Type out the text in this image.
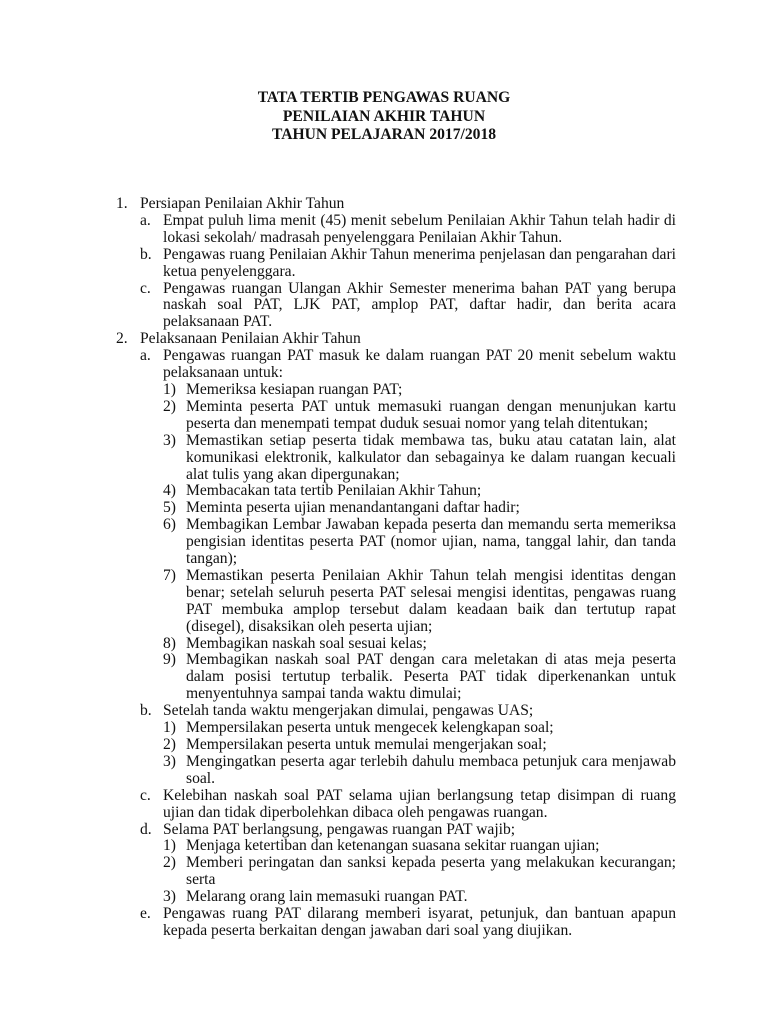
TATA TERTIB PENGAWAS RUANG
PENILAIAN AKHIR TAHUN
TAHUN PELAJARAN 2017/2018
1. Persiapan Penilaian Akhir Tahun
a. Empat puluh lima menit (45) menit sebelum Penilaian Akhir Tahun telah hadir di lokasi sekolah/ madrasah penyelenggara Penilaian Akhir Tahun.
b. Pengawas ruang Penilaian Akhir Tahun menerima penjelasan dan pengarahan dari ketua penyelenggara.
c. Pengawas ruangan Ulangan Akhir Semester menerima bahan PAT yang berupa naskah soal PAT, LJK PAT, amplop PAT, daftar hadir, dan berita acara pelaksanaan PAT.
2. Pelaksanaan Penilaian Akhir Tahun
a. Pengawas ruangan PAT masuk ke dalam ruangan PAT 20 menit sebelum waktu pelaksanaan untuk:
1) Memeriksa kesiapan ruangan PAT;
2) Meminta peserta PAT untuk memasuki ruangan dengan menunjukan kartu peserta dan menempati tempat duduk sesuai nomor yang telah ditentukan;
3) Memastikan setiap peserta tidak membawa tas, buku atau catatan lain, alat komunikasi elektronik, kalkulator dan sebagainya ke dalam ruangan kecuali alat tulis yang akan dipergunakan;
4) Membacakan tata tertib Penilaian Akhir Tahun;
5) Meminta peserta ujian menandantangani daftar hadir;
6) Membagikan Lembar Jawaban kepada peserta dan memandu serta memeriksa pengisian identitas peserta PAT (nomor ujian, nama, tanggal lahir, dan tanda tangan);
7) Memastikan peserta Penilaian Akhir Tahun telah mengisi identitas dengan benar; setelah seluruh peserta PAT selesai mengisi identitas, pengawas ruang PAT membuka amplop tersebut dalam keadaan baik dan tertutup rapat (disegel), disaksikan oleh peserta ujian;
8) Membagikan naskah soal sesuai kelas;
9) Membagikan naskah soal PAT dengan cara meletakan di atas meja peserta dalam posisi tertutup terbalik. Peserta PAT tidak diperkenankan untuk menyentuhnya sampai tanda waktu dimulai;
b. Setelah tanda waktu mengerjakan dimulai, pengawas UAS;
1) Mempersilakan peserta untuk mengecek kelengkapan soal;
2) Mempersilakan peserta untuk memulai mengerjakan soal;
3) Mengingatkan peserta agar terlebih dahulu membaca petunjuk cara menjawab soal.
c. Kelebihan naskah soal PAT selama ujian berlangsung tetap disimpan di ruang ujian dan tidak diperbolehkan dibaca oleh pengawas ruangan.
d. Selama PAT berlangsung, pengawas ruangan PAT wajib;
1) Menjaga ketertiban dan ketenangan suasana sekitar ruangan ujian;
2) Memberi peringatan dan sanksi kepada peserta yang melakukan kecurangan; serta
3) Melarang orang lain memasuki ruangan PAT.
e. Pengawas ruang PAT dilarang memberi isyarat, petunjuk, dan bantuan apapun kepada peserta berkaitan dengan jawaban dari soal yang diujikan.
